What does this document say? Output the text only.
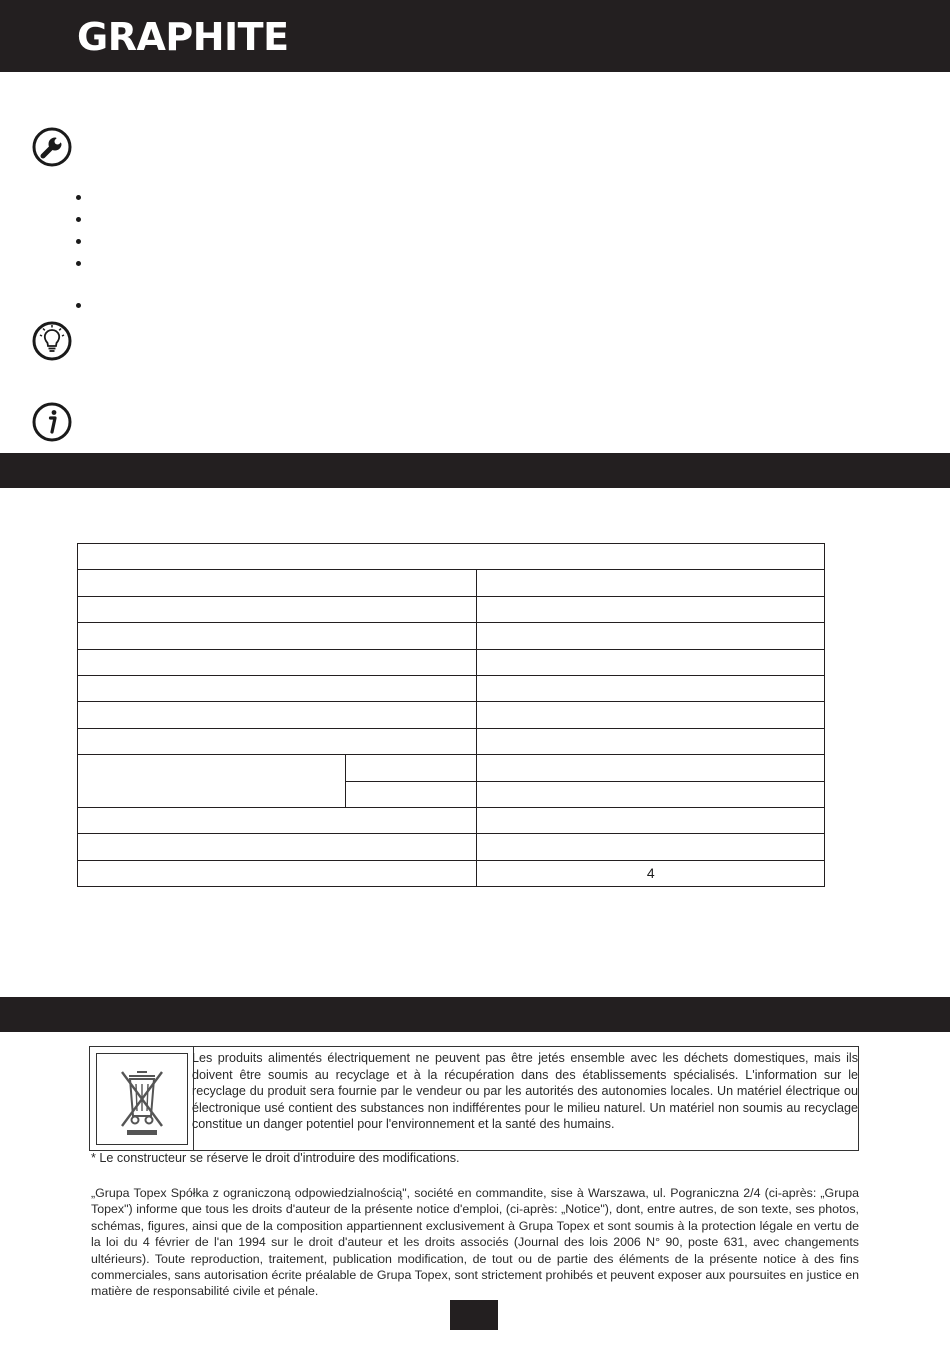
GRAPHITE

		4
Les produits alimentés électriquement ne peuvent pas être jetés ensemble avec les déchets domestiques, mais ils doivent être soumis au recyclage et à la récupération dans des établissements spécialisés. L'information sur le recyclage du produit sera fournie par le vendeur ou par les autorités des autonomies locales. Un matériel électrique ou électronique usé contient des substances non indifférentes pour le milieu naturel. Un matériel non soumis au recyclage constitue un danger potentiel pour l'environnement et la santé des humains.
* Le constructeur se réserve le droit d'introduire des modifications.
„Grupa Topex Spółka z ograniczoną odpowiedzialnością", société en commandite, sise à Warszawa, ul. Pograniczna 2/4 (ci-après: „Grupa Topex") informe que tous les droits d'auteur de la présente notice d'emploi, (ci-après: „Notice"), dont, entre autres, de son texte, ses photos, schémas, figures, ainsi que de la composition appartiennent exclusivement à Grupa Topex et sont soumis à la protection légale en vertu de la loi du 4 février de l'an 1994 sur le droit d'auteur et les droits associés (Journal des lois 2006 N° 90, poste 631, avec changements ultérieurs). Toute reproduction, traitement, publication modification, de tout ou de partie des éléments de la présente notice à des fins commerciales, sans autorisation écrite préalable de Grupa Topex, sont strictement prohibés et peuvent exposer aux poursuites en justice en matière de responsabilité civile et pénale.
